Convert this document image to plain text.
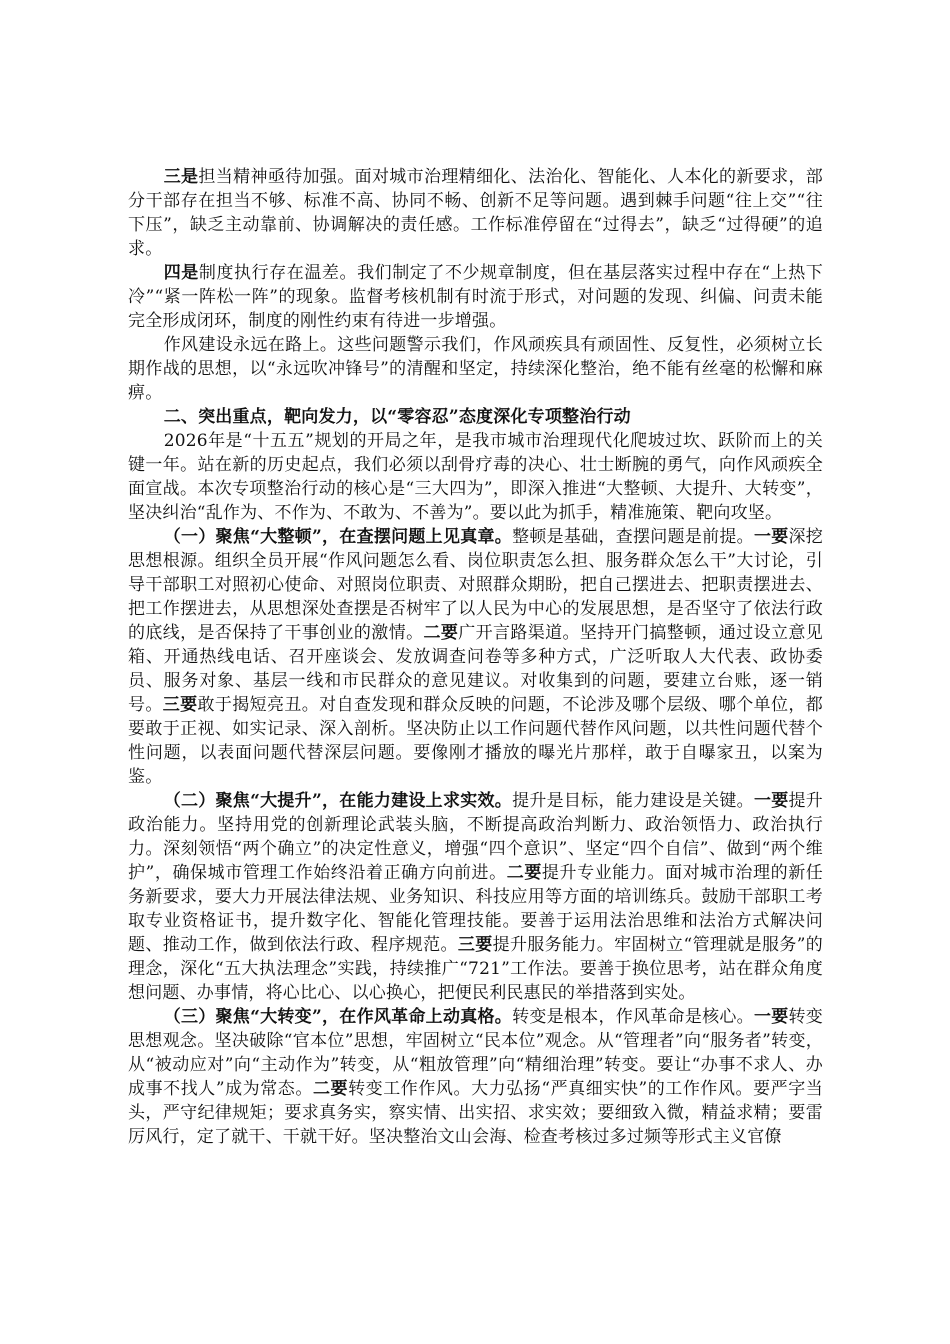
三是担当精神亟待加强。面对城市治理精细化、法治化、智能化、人本化的新要求，部分干部存在担当不够、标准不高、协同不畅、创新不足等问题。遇到棘手问题“往上交”“往下压”，缺乏主动靠前、协调解决的责任感。工作标准停留在“过得去”，缺乏“过得硬”的追求。

四是制度执行存在温差。我们制定了不少规章制度，但在基层落实过程中存在“上热下冷”“紧一阵松一阵”的现象。监督考核机制有时流于形式，对问题的发现、纠偏、问责未能完全形成闭环，制度的刚性约束有待进一步增强。

作风建设永远在路上。这些问题警示我们，作风顽疾具有顽固性、反复性，必须树立长期作战的思想，以“永远吹冲锋号”的清醒和坚定，持续深化整治，绝不能有丝毫的松懈和麻痹。

二、突出重点，靶向发力，以“零容忍”态度深化专项整治行动

2026年是“十五五”规划的开局之年，是我市城市治理现代化爬坡过坎、跃阶而上的关键一年。站在新的历史起点，我们必须以刮骨疗毒的决心、壮士断腕的勇气，向作风顽疾全面宣战。本次专项整治行动的核心是“三大四为”，即深入推进“大整顿、大提升、大转变”，坚决纠治“乱作为、不作为、不敢为、不善为”。要以此为抓手，精准施策、靶向攻坚。

（一）聚焦“大整顿”，在查摆问题上见真章。整顿是基础，查摆问题是前提。一要深挖思想根源。组织全员开展“作风问题怎么看、岗位职责怎么担、服务群众怎么干”大讨论，引导干部职工对照初心使命、对照岗位职责、对照群众期盼，把自己摆进去、把职责摆进去、把工作摆进去，从思想深处查摆是否树牢了以人民为中心的发展思想，是否坚守了依法行政的底线，是否保持了干事创业的激情。二要广开言路渠道。坚持开门搞整顿，通过设立意见箱、开通热线电话、召开座谈会、发放调查问卷等多种方式，广泛听取人大代表、政协委员、服务对象、基层一线和市民群众的意见建议。对收集到的问题，要建立台账，逐一销号。三要敢于揭短亮丑。对自查发现和群众反映的问题，不论涉及哪个层级、哪个单位，都要敢于正视、如实记录、深入剖析。坚决防止以工作问题代替作风问题，以共性问题代替个性问题，以表面问题代替深层问题。要像刚才播放的曝光片那样，敢于自曝家丑，以案为鉴。

（二）聚焦“大提升”，在能力建设上求实效。提升是目标，能力建设是关键。一要提升政治能力。坚持用党的创新理论武装头脑，不断提高政治判断力、政治领悟力、政治执行力。深刻领悟“两个确立”的决定性意义，增强“四个意识”、坚定“四个自信”、做到“两个维护”，确保城市管理工作始终沿着正确方向前进。二要提升专业能力。面对城市治理的新任务新要求，要大力开展法律法规、业务知识、科技应用等方面的培训练兵。鼓励干部职工考取专业资格证书，提升数字化、智能化管理技能。要善于运用法治思维和法治方式解决问题、推动工作，做到依法行政、程序规范。三要提升服务能力。牢固树立“管理就是服务”的理念，深化“五大执法理念”实践，持续推广“721”工作法。要善于换位思考，站在群众角度想问题、办事情，将心比心、以心换心，把便民利民惠民的举措落到实处。

（三）聚焦“大转变”，在作风革命上动真格。转变是根本，作风革命是核心。一要转变思想观念。坚决破除“官本位”思想，牢固树立“民本位”观念。从“管理者”向“服务者”转变，从“被动应对”向“主动作为”转变，从“粗放管理”向“精细治理”转变。要让“办事不求人、办成事不找人”成为常态。二要转变工作作风。大力弘扬“严真细实快”的工作作风。要严字当头，严守纪律规矩；要求真务实，察实情、出实招、求实效；要细致入微，精益求精；要雷厉风行，定了就干、干就干好。坚决整治文山会海、检查考核过多过频等形式主义官僚
